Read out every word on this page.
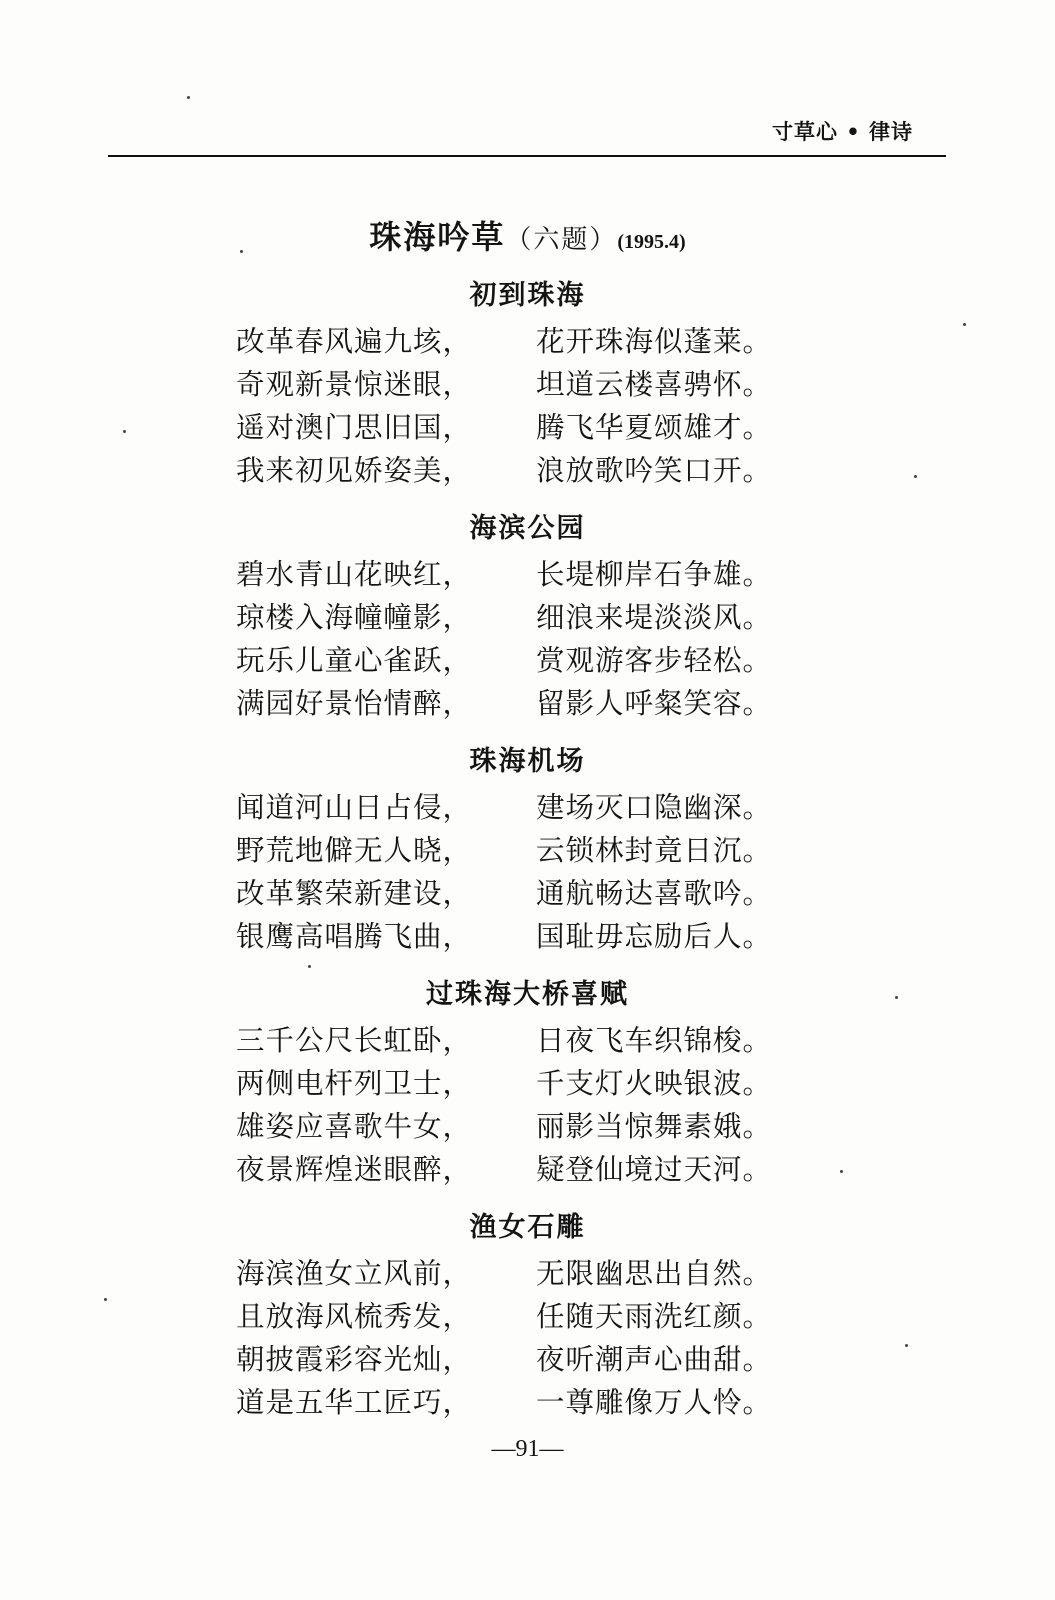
寸草心 • 律诗
珠海吟草（六题）(1995.4)
初到珠海
改革春风遍九垓， 花开珠海似蓬莱。
奇观新景惊迷眼， 坦道云楼喜骋怀。
遥对澳门思旧国， 腾飞华夏颂雄才。
我来初见娇姿美， 浪放歌吟笑口开。
海滨公园
碧水青山花映红， 长堤柳岸石争雄。
琼楼入海幢幢影， 细浪来堤淡淡风。
玩乐儿童心雀跃， 赏观游客步轻松。
满园好景怡情醉， 留影人呼粲笑容。
珠海机场
闻道河山日占侵， 建场灭口隐幽深。
野荒地僻无人晓， 云锁林封竟日沉。
改革繁荣新建设， 通航畅达喜歌吟。
银鹰高唱腾飞曲， 国耻毋忘励后人。
过珠海大桥喜赋
三千公尺长虹卧， 日夜飞车织锦梭。
两侧电杆列卫士， 千支灯火映银波。
雄姿应喜歌牛女， 丽影当惊舞素娥。
夜景辉煌迷眼醉， 疑登仙境过天河。
渔女石雕
海滨渔女立风前， 无限幽思出自然。
且放海风梳秀发， 任随天雨洗红颜。
朝披霞彩容光灿， 夜听潮声心曲甜。
道是五华工匠巧， 一尊雕像万人怜。
—91—
